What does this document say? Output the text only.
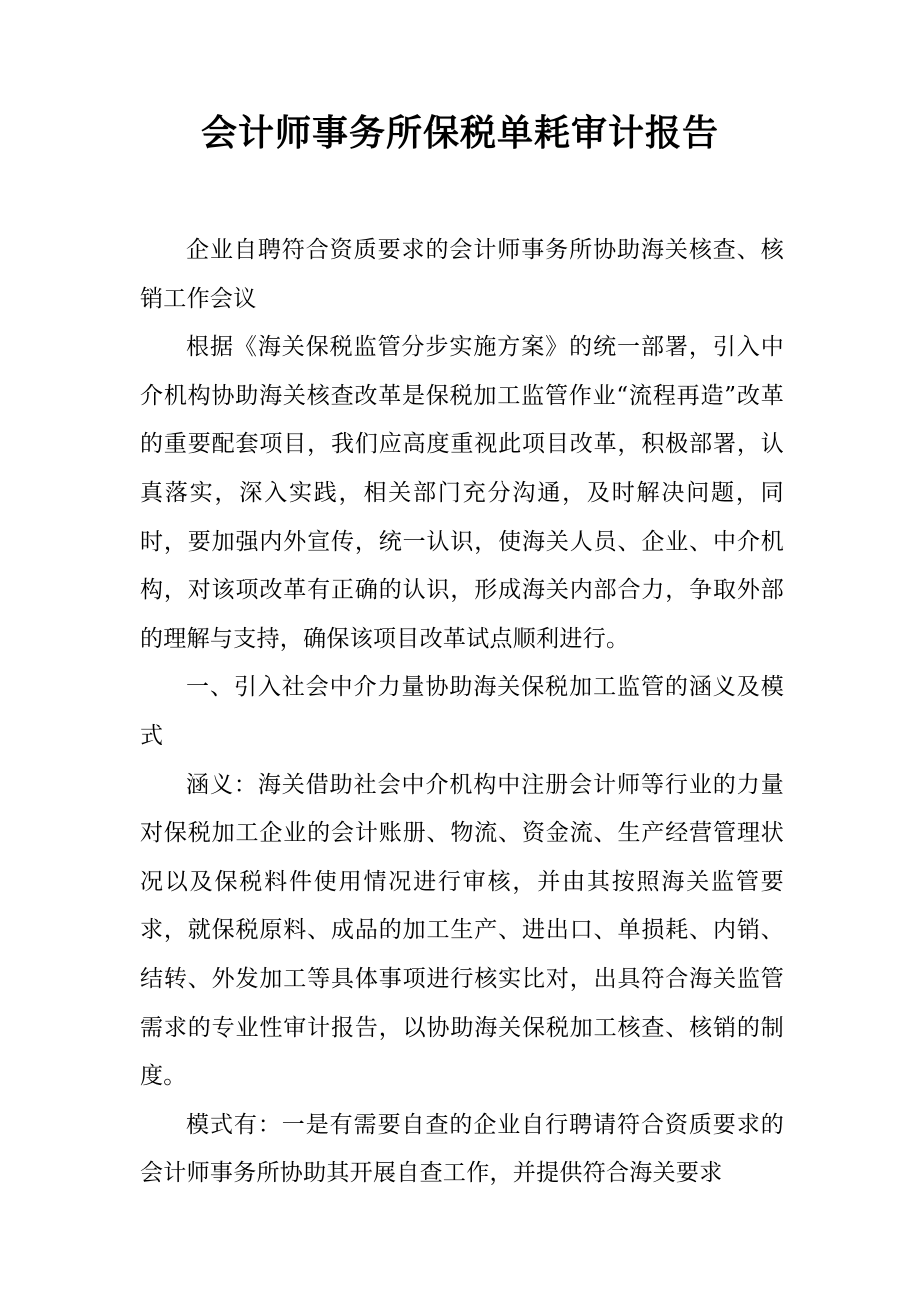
会计师事务所保税单耗审计报告

企业自聘符合资质要求的会计师事务所协助海关核查、核销工作会议

根据《海关保税监管分步实施方案》的统一部署，引入中介机构协助海关核查改革是保税加工监管作业“流程再造”改革的重要配套项目，我们应高度重视此项目改革，积极部署，认真落实，深入实践，相关部门充分沟通，及时解决问题，同时，要加强内外宣传，统一认识，使海关人员、企业、中介机构，对该项改革有正确的认识，形成海关内部合力，争取外部的理解与支持，确保该项目改革试点顺利进行。

一、引入社会中介力量协助海关保税加工监管的涵义及模式

涵义：海关借助社会中介机构中注册会计师等行业的力量对保税加工企业的会计账册、物流、资金流、生产经营管理状况以及保税料件使用情况进行审核，并由其按照海关监管要求，就保税原料、成品的加工生产、进出口、单损耗、内销、结转、外发加工等具体事项进行核实比对，出具符合海关监管需求的专业性审计报告，以协助海关保税加工核查、核销的制度。

模式有：一是有需要自查的企业自行聘请符合资质要求的会计师事务所协助其开展自查工作，并提供符合海关要求
